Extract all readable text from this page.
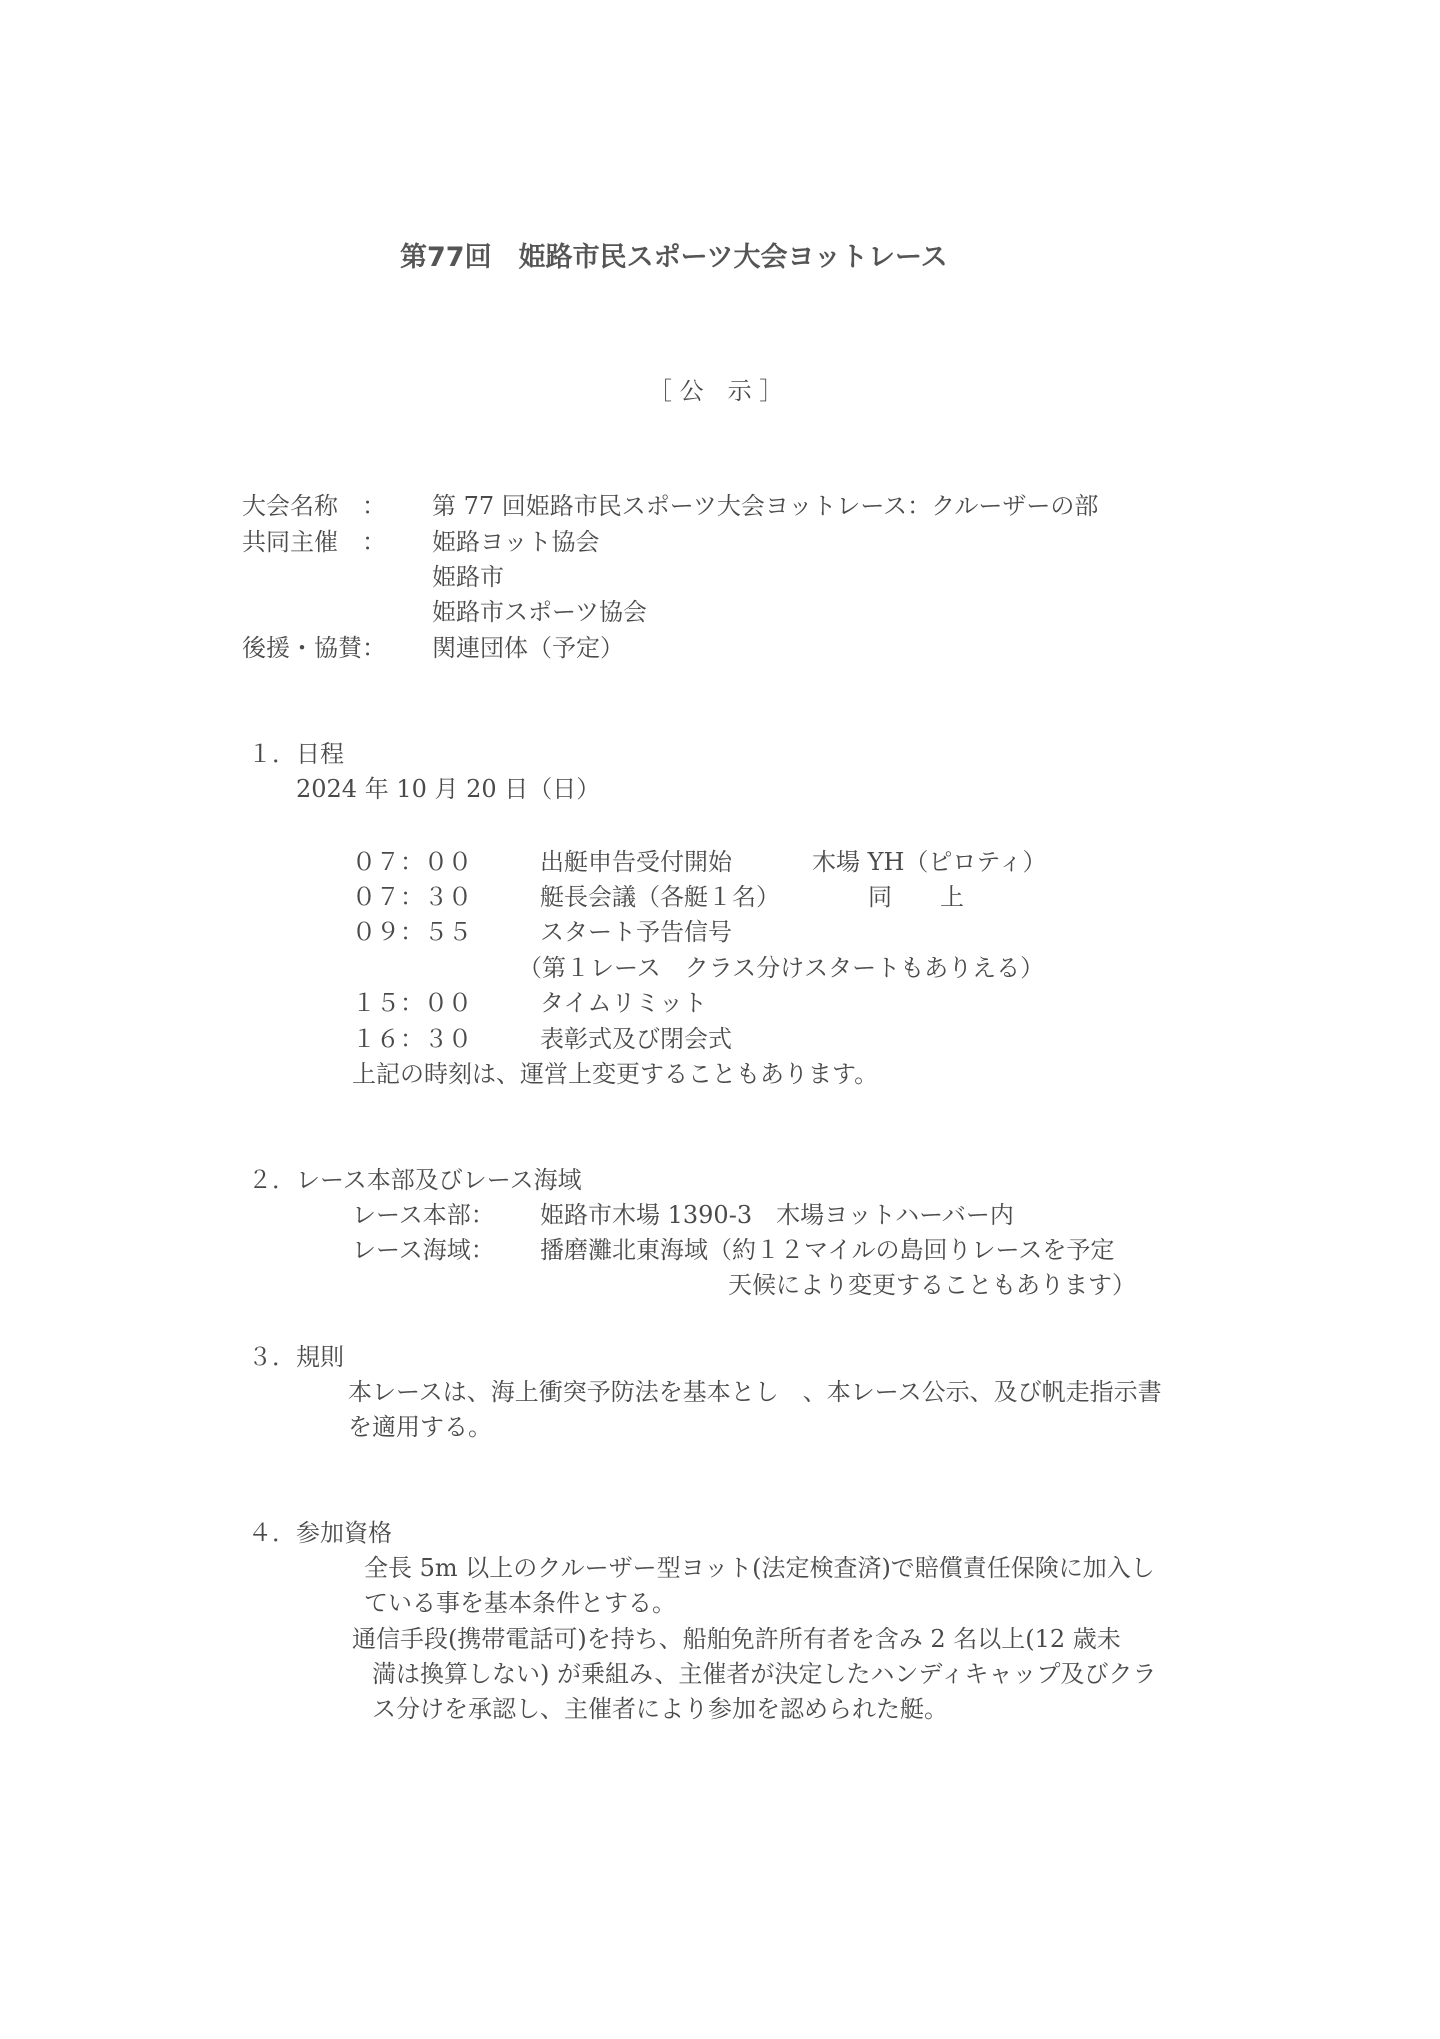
第77回　姫路市民スポーツ大会ヨットレース
［ 公　示 ］
大会名称　： 第 77 回姫路市民スポーツ大会ヨットレース：クルーザーの部
共同主催　： 姫路ヨット協会
姫路市
姫路市スポーツ協会
後援・協賛： 関連団体（予定）
１．日程
2024 年 10 月 20 日（日）
０７：００	出艇申告受付開始	木場 YH（ピロティ）
０７：３０	艇長会議（各艇１名）	同　　上
０９：５５	スタート予告信号
（第１レース　クラス分けスタートもありえる）
１５：００	タイムリミット
１６：３０	表彰式及び閉会式
上記の時刻は、運営上変更することもあります。
２．レース本部及びレース海域
レース本部： 姫路市木場 1390-3　木場ヨットハーバー内
レース海域： 播磨灘北東海域（約１２マイルの島回りレースを予定
天候により変更することもあります）
３．規則
本レースは、海上衝突予防法を基本とし　、本レース公示、及び帆走指示書
を適用する。
４．参加資格
全長 5m 以上のクルーザー型ヨット(法定検査済)で賠償責任保険に加入し
ている事を基本条件とする。
通信手段(携帯電話可)を持ち、船舶免許所有者を含み 2 名以上(12 歳未
満は換算しない) が乗組み、主催者が決定したハンディキャップ及びクラ
ス分けを承認し、主催者により参加を認められた艇。
